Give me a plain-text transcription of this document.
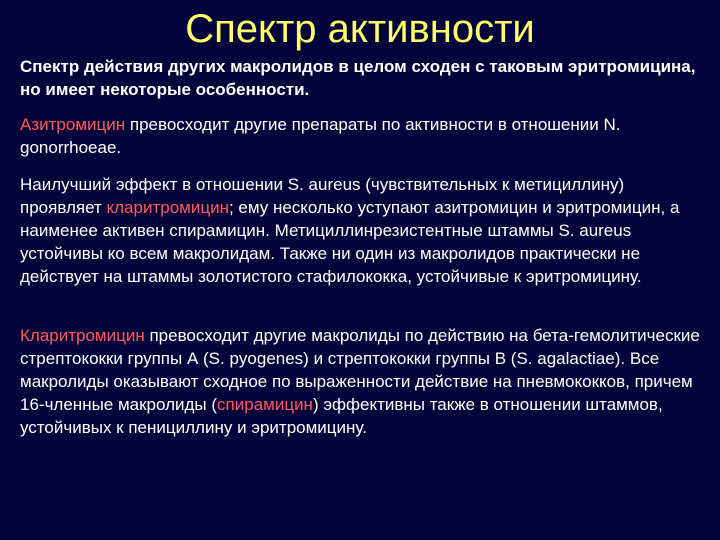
Спектр активности
Спектр действия других макролидов в целом сходен с таковым эритромицина, но имеет некоторые особенности.
Азитромицин превосходит другие препараты по активности в отношении N. gonorrhoeae.
Наилучший эффект в отношении S. aureus (чувствительных к метициллину) проявляет кларитромицин; ему несколько уступают азитромицин и эритромицин, а наименее активен спирамицин. Метициллинрезистентные штаммы S. aureus устойчивы ко всем макролидам. Также ни один из макролидов практически не действует на штаммы золотистого стафилококка, устойчивые к эритромицину.
Кларитромицин превосходит другие макролиды по действию на бета-гемолитические стрептококки группы А (S. pyogenes) и стрептококки группы В (S. agalactiae). Все макролиды оказывают сходное по выраженности действие на пневмококков, причем 16-членные макролиды (спирамицин) эффективны также в отношении штаммов, устойчивых к пенициллину и эритромицину.
